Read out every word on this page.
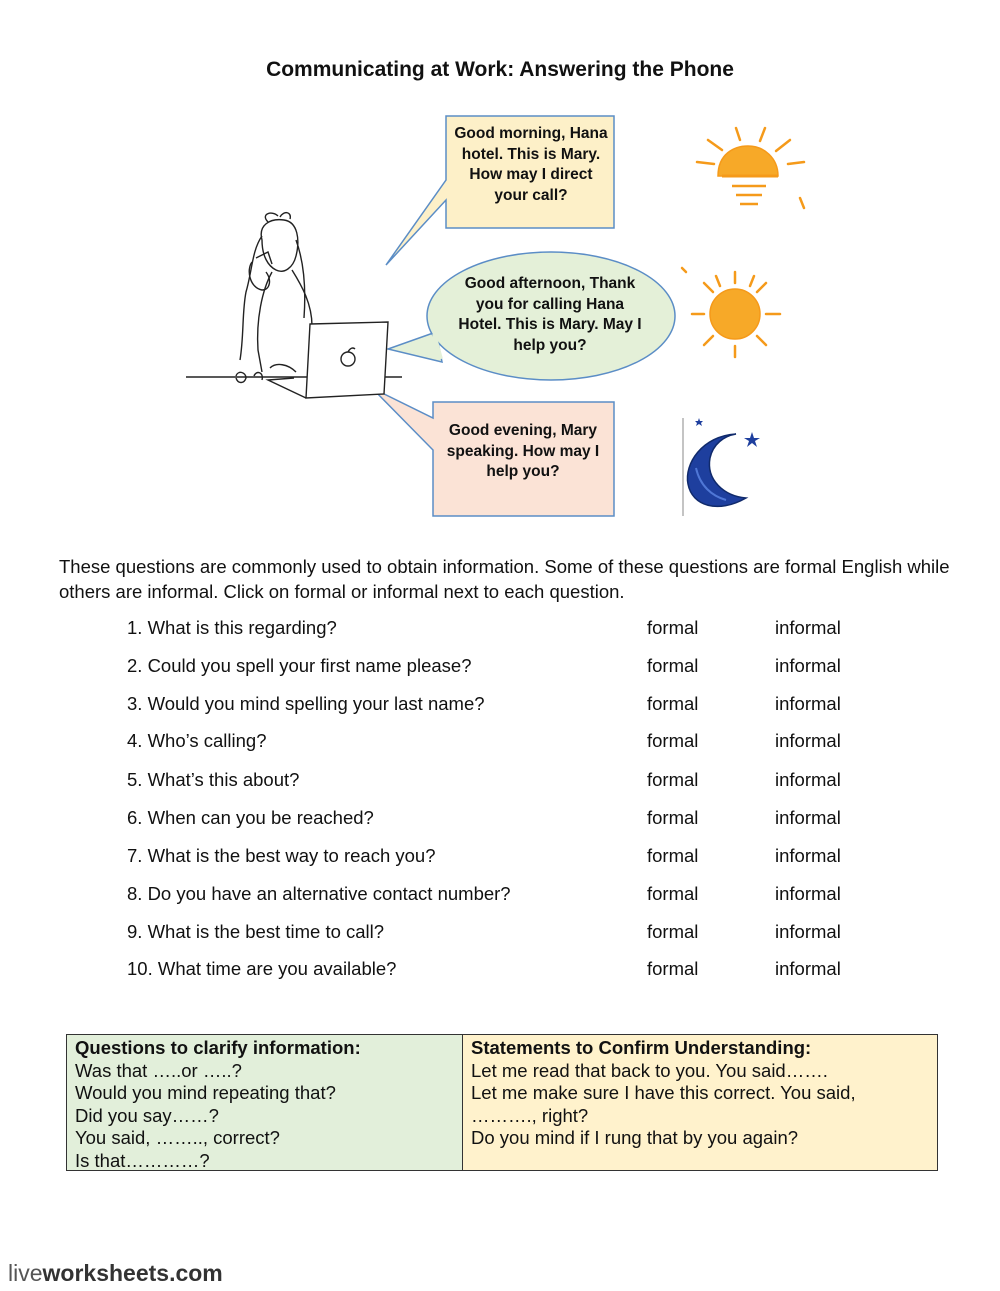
Communicating at Work: Answering the Phone
Good morning, Hana hotel. This is Mary. How may I direct your call?
Good afternoon, Thank you for calling Hana Hotel. This is Mary. May I help you?
Good evening, Mary speaking. How may I help you?
These questions are commonly used to obtain information. Some of these questions are formal English while others are informal. Click on formal or informal next to each question.
1. What is this regarding?	formal	informal
2. Could you spell your first name please?	formal	informal
3. Would you mind spelling your last name?	formal	informal
4. Who’s calling?	formal	informal
5. What’s this about?	formal	informal
6. When can you be reached?	formal	informal
7. What is the best way to reach you?	formal	informal
8. Do you have an alternative contact number?	formal	informal
9. What is the best time to call?	formal	informal
10. What time are you available?	formal	informal
Questions to clarify information:
Was that …..or …..?
Would you mind repeating that?
Did you say……?
You said, …….., correct?
Is that…………?
Statements to Confirm Understanding:
Let me read that back to you. You said…….
Let me make sure I have this correct. You said,
………., right?
Do you mind if I rung that by you again?
liveworksheets.com
